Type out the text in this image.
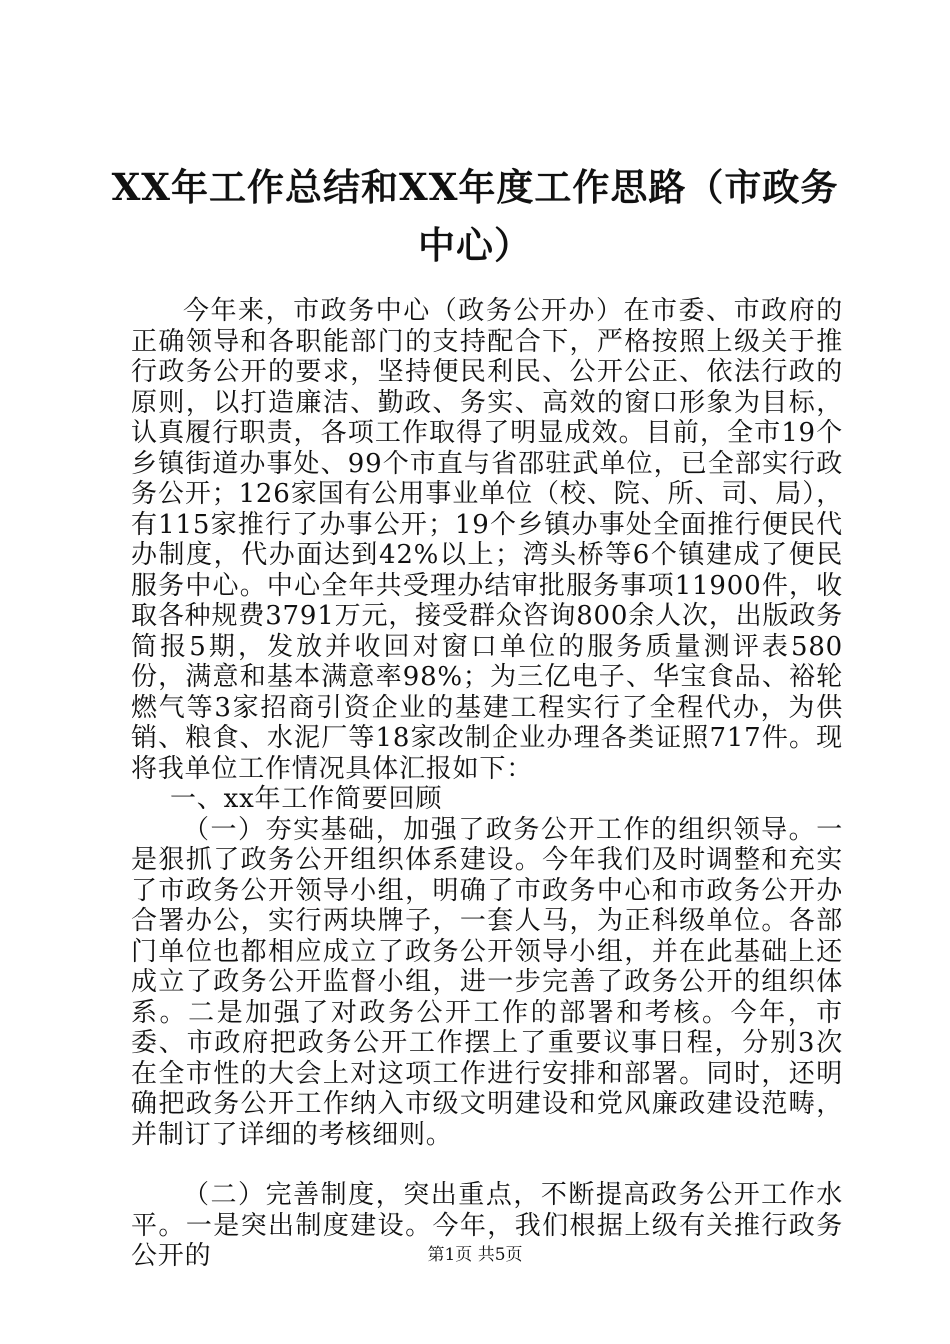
XX年工作总结和XX年度工作思路（市政务中心）

今年来，市政务中心（政务公开办）在市委、市政府的正确领导和各职能部门的支持配合下，严格按照上级关于推行政务公开的要求，坚持便民利民、公开公正、依法行政的原则，以打造廉洁、勤政、务实、高效的窗口形象为目标，认真履行职责，各项工作取得了明显成效。目前，全市19个乡镇街道办事处、99个市直与省邵驻武单位，已全部实行政务公开；126家国有公用事业单位（校、院、所、司、局），有115家推行了办事公开；19个乡镇办事处全面推行便民代办制度，代办面达到42%以上；湾头桥等6个镇建成了便民服务中心。中心全年共受理办结审批服务事项11900件，收取各种规费3791万元，接受群众咨询800余人次，出版政务简报5期，发放并收回对窗口单位的服务质量测评表580份，满意和基本满意率98%；为三亿电子、华宝食品、裕轮燃气等3家招商引资企业的基建工程实行了全程代办，为供销、粮食、水泥厂等18家改制企业办理各类证照717件。现将我单位工作情况具体汇报如下：

一、xx年工作简要回顾

（一）夯实基础，加强了政务公开工作的组织领导。一是狠抓了政务公开组织体系建设。今年我们及时调整和充实了市政务公开领导小组，明确了市政务中心和市政务公开办合署办公，实行两块牌子，一套人马，为正科级单位。各部门单位也都相应成立了政务公开领导小组，并在此基础上还成立了政务公开监督小组，进一步完善了政务公开的组织体系。二是加强了对政务公开工作的部署和考核。今年，市委、市政府把政务公开工作摆上了重要议事日程，分别3次在全市性的大会上对这项工作进行安排和部署。同时，还明确把政务公开工作纳入市级文明建设和党风廉政建设范畴，并制订了详细的考核细则。

（二）完善制度，突出重点，不断提高政务公开工作水平。一是突出制度建设。今年，我们根据上级有关推行政务公开的	第1页 共5页
